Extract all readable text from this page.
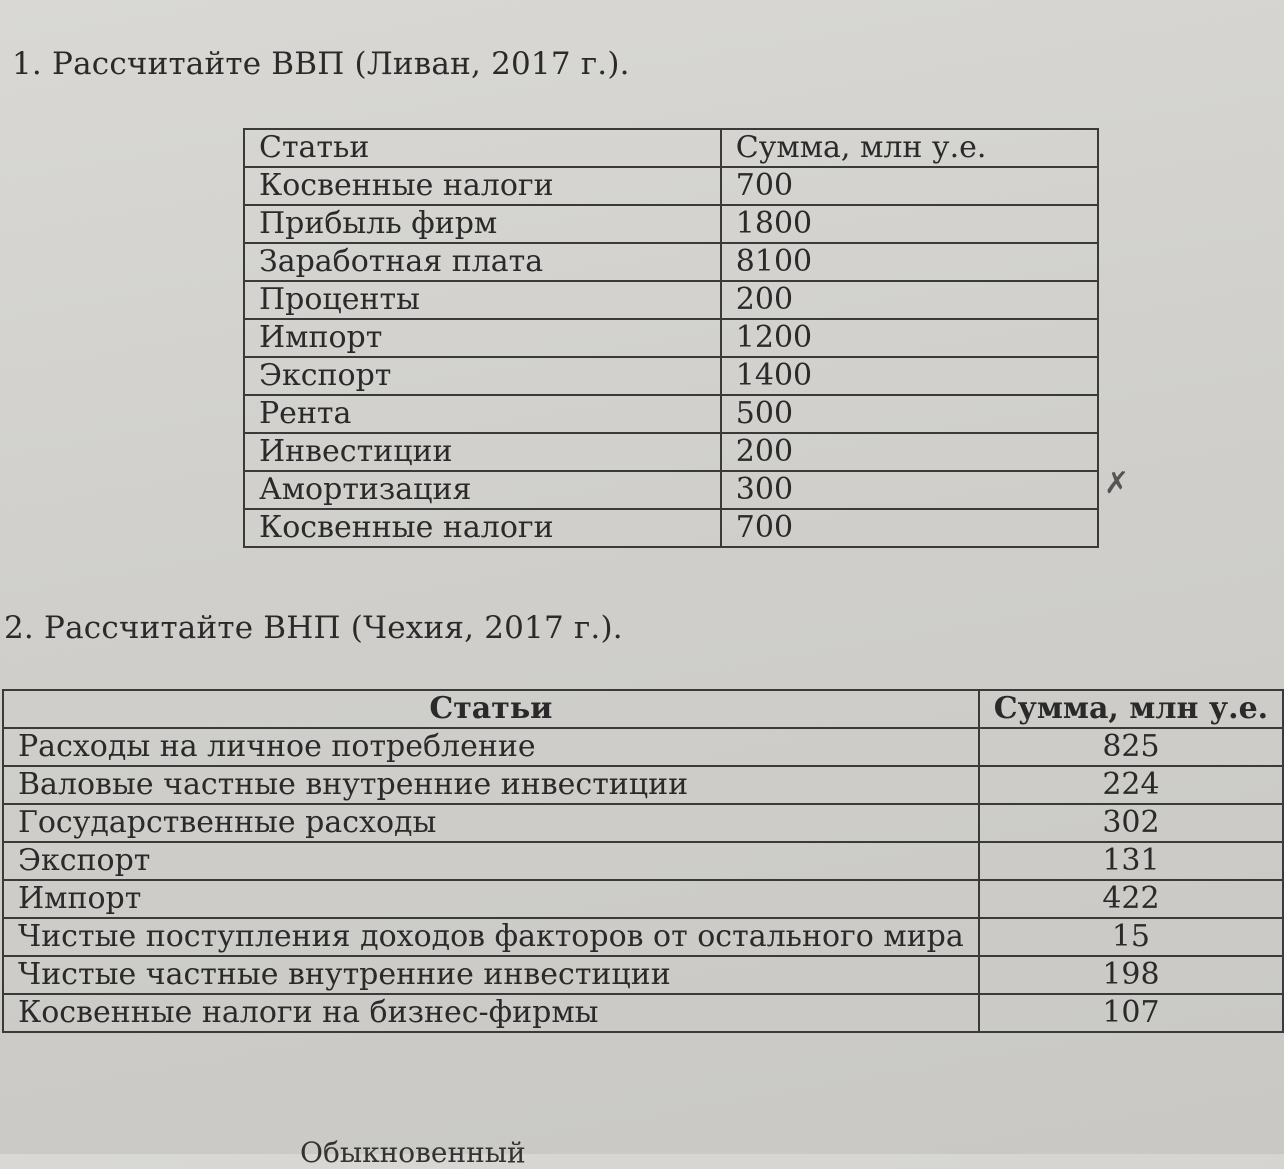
1. Рассчитайте ВВП (Ливан, 2017 г.).
Статьи	Сумма, млн у.е.
Косвенные налоги	700
Прибыль фирм	1800
Заработная плата	8100
Проценты	200
Импорт	1200
Экспорт	1400
Рента	500
Инвестиции	200
Амортизация	300
Косвенные налоги	700
✗
2. Рассчитайте ВНП (Чехия, 2017 г.).
Статьи	Сумма, млн у.е.
Расходы на личное потребление	825
Валовые частные внутренние инвестиции	224
Государственные расходы	302
Экспорт	131
Импорт	422
Чистые поступления доходов факторов от остального мира	15
Чистые частные внутренние инвестиции	198
Косвенные налоги на бизнес-фирмы	107
Обыкновенный
